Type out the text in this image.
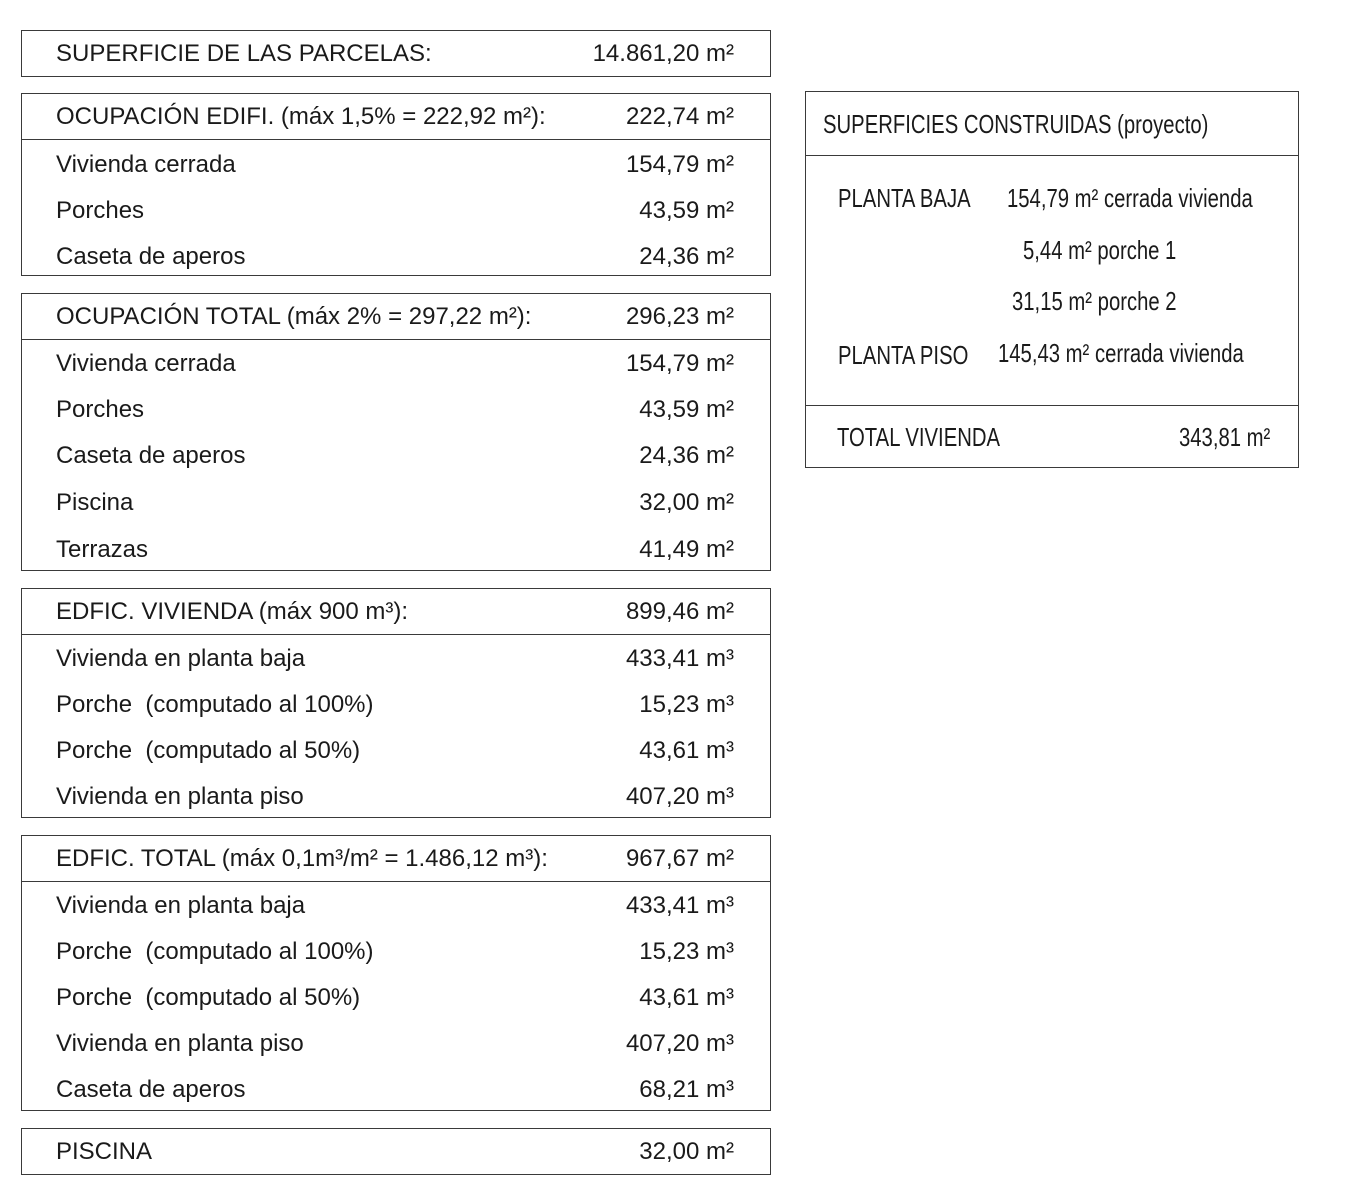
SUPERFICIE DE LAS PARCELAS:	14.861,20 m²
OCUPACIÓN EDIFI. (máx 1,5% = 222,92 m²):	222,74 m²
Vivienda cerrada	154,79 m²
Porches	43,59 m²
Caseta de aperos	24,36 m²
OCUPACIÓN TOTAL (máx 2% = 297,22 m²):	296,23 m²
Vivienda cerrada	154,79 m²
Porches	43,59 m²
Caseta de aperos	24,36 m²
Piscina	32,00 m²
Terrazas	41,49 m²
EDFIC. VIVIENDA (máx 900 m³):	899,46 m²
Vivienda en planta baja	433,41 m³
Porche  (computado al 100%)	15,23 m³
Porche  (computado al 50%)	43,61 m³
Vivienda en planta piso	407,20 m³
EDFIC. TOTAL (máx 0,1m³/m² = 1.486,12 m³):	967,67 m²
Vivienda en planta baja	433,41 m³
Porche  (computado al 100%)	15,23 m³
Porche  (computado al 50%)	43,61 m³
Vivienda en planta piso	407,20 m³
Caseta de aperos	68,21 m³
PISCINA	32,00 m²
SUPERFICIES CONSTRUIDAS (proyecto)
PLANTA BAJA 154,79 m² cerrada vivienda
5,44 m² porche 1
31,15 m² porche 2
PLANTA PISO 145,43 m² cerrada vivienda
TOTAL VIVIENDA	343,81 m²
